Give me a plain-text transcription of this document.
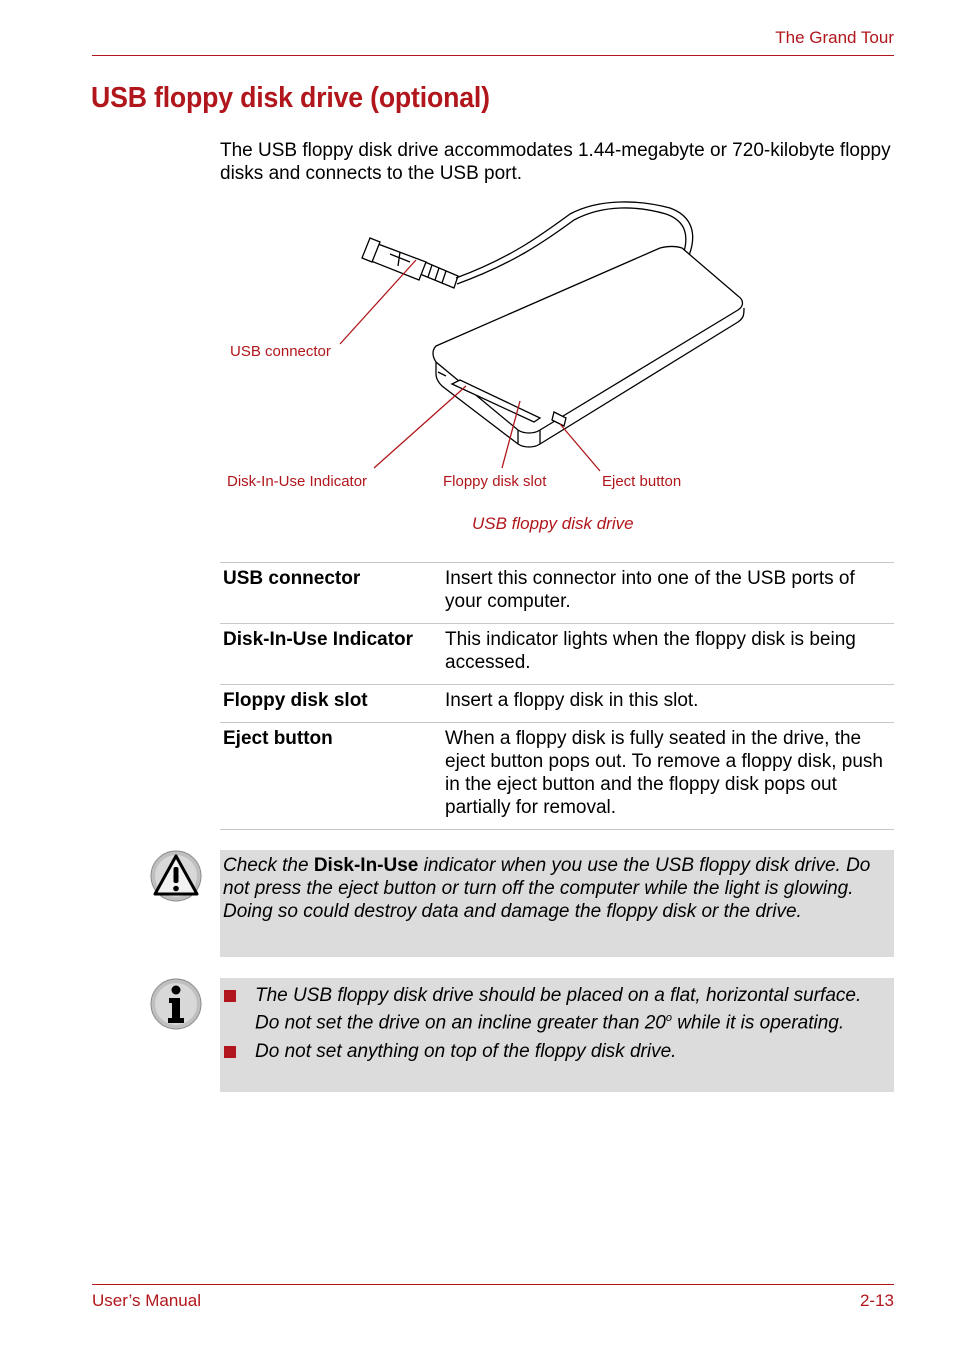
The Grand Tour
USB floppy disk drive (optional)

The USB floppy disk drive accommodates 1.44-megabyte or 720-kilobyte floppy disks and connects to the USB port.

USB connector
Disk-In-Use Indicator	Floppy disk slot	Eject button
USB floppy disk drive
USB connector	Insert this connector into one of the USB ports of your computer.
Disk-In-Use Indicator	This indicator lights when the floppy disk is being accessed.
Floppy disk slot	Insert a floppy disk in this slot.
Eject button	When a floppy disk is fully seated in the drive, the eject button pops out. To remove a floppy disk, push in the eject button and the floppy disk pops out partially for removal.

Check the Disk-In-Use indicator when you use the USB floppy disk drive. Do not press the eject button or turn off the computer while the light is glowing. Doing so could destroy data and damage the floppy disk or the drive.

The USB floppy disk drive should be placed on a flat, horizontal surface. Do not set the drive on an incline greater than 20$^o$ while it is operating.
Do not set anything on top of the floppy disk drive.
User’s Manual	2-13
